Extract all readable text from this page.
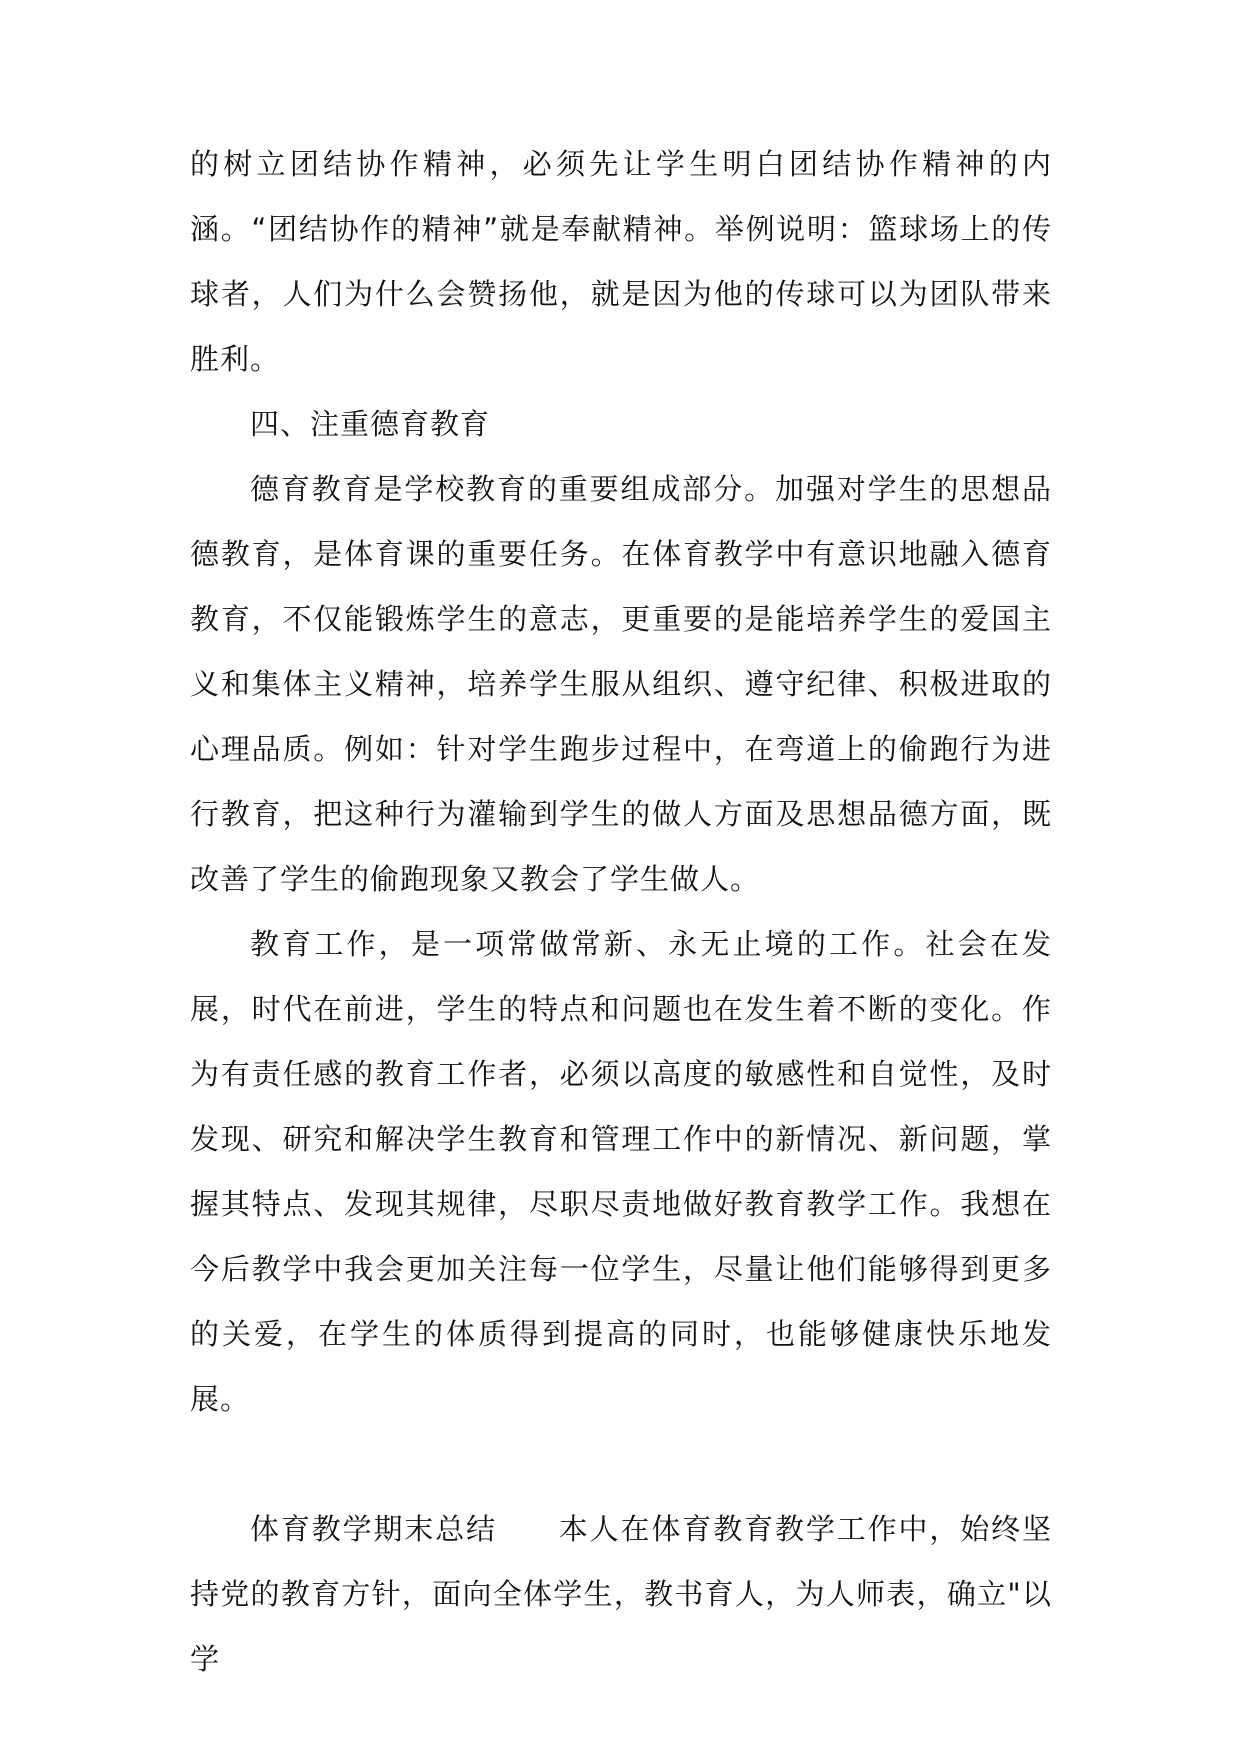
的树立团结协作精神，必须先让学生明白团结协作精神的内涵。“团结协作的精神”就是奉献精神。举例说明：篮球场上的传球者，人们为什么会赞扬他，就是因为他的传球可以为团队带来胜利。

四、注重德育教育

德育教育是学校教育的重要组成部分。加强对学生的思想品德教育，是体育课的重要任务。在体育教学中有意识地融入德育教育，不仅能锻炼学生的意志，更重要的是能培养学生的爱国主义和集体主义精神，培养学生服从组织、遵守纪律、积极进取的心理品质。例如：针对学生跑步过程中，在弯道上的偷跑行为进行教育，把这种行为灌输到学生的做人方面及思想品德方面，既改善了学生的偷跑现象又教会了学生做人。

教育工作，是一项常做常新、永无止境的工作。社会在发展，时代在前进，学生的特点和问题也在发生着不断的变化。作为有责任感的教育工作者，必须以高度的敏感性和自觉性，及时发现、研究和解决学生教育和管理工作中的新情况、新问题，掌握其特点、发现其规律，尽职尽责地做好教育教学工作。我想在今后教学中我会更加关注每一位学生，尽量让他们能够得到更多的关爱，在学生的体质得到提高的同时，也能够健康快乐地发展。

体育教学期末总结　　本人在体育教育教学工作中，始终坚持党的教育方针，面向全体学生，教书育人，为人师表，确立"以学
